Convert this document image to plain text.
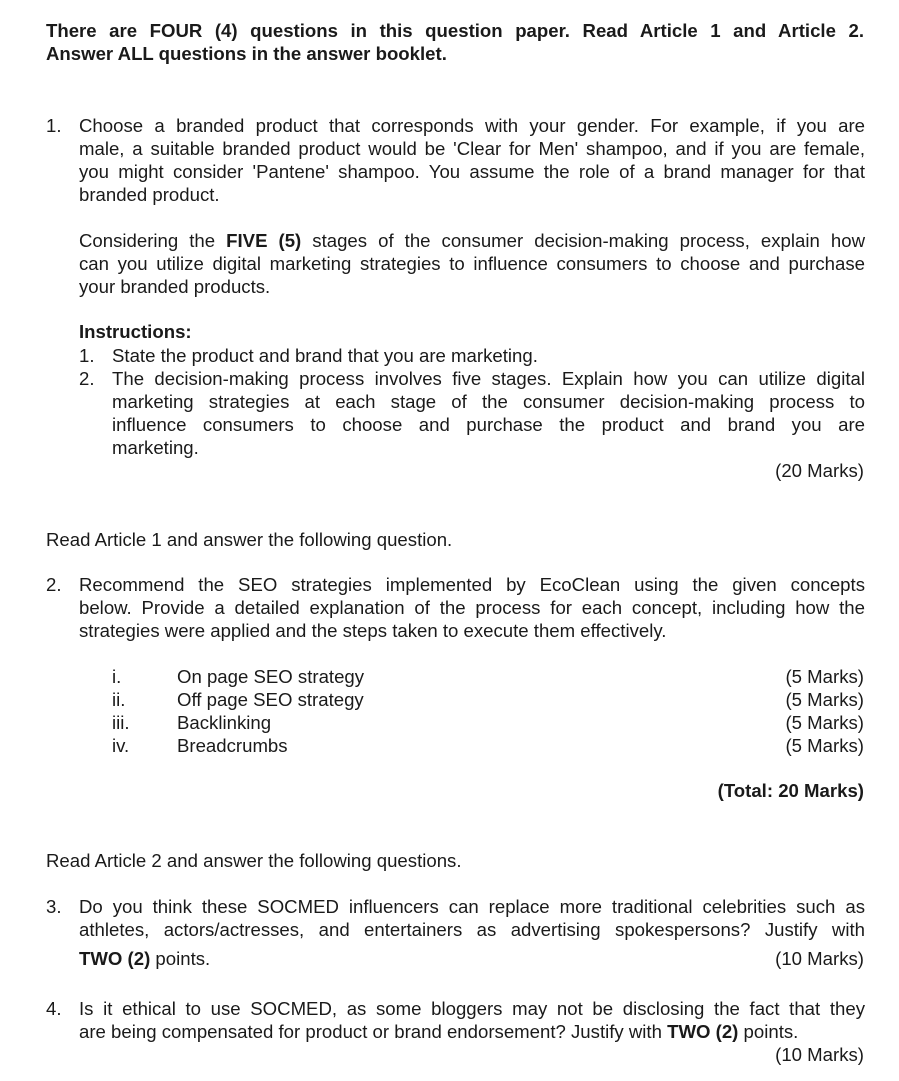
There are FOUR (4) questions in this question paper. Read Article 1 and Article 2.
Answer ALL questions in the answer booklet.
1. Choose a branded product that corresponds with your gender. For example, if you are
male, a suitable branded product would be 'Clear for Men' shampoo, and if you are female,
you might consider 'Pantene' shampoo. You assume the role of a brand manager for that
branded product.
Considering the FIVE (5) stages of the consumer decision-making process, explain how
can you utilize digital marketing strategies to influence consumers to choose and purchase
your branded products.
Instructions:
1. State the product and brand that you are marketing.
2. The decision-making process involves five stages. Explain how you can utilize digital
marketing strategies at each stage of the consumer decision-making process to
influence consumers to choose and purchase the product and brand you are
marketing.
(20 Marks)
Read Article 1 and answer the following question.
2. Recommend the SEO strategies implemented by EcoClean using the given concepts
below. Provide a detailed explanation of the process for each concept, including how the
strategies were applied and the steps taken to execute them effectively.
i.	On page SEO strategy	(5 Marks)
ii.	Off page SEO strategy	(5 Marks)
iii.	Backlinking	(5 Marks)
iv.	Breadcrumbs	(5 Marks)
(Total: 20 Marks)
Read Article 2 and answer the following questions.
3. Do you think these SOCMED influencers can replace more traditional celebrities such as
athletes, actors/actresses, and entertainers as advertising spokespersons? Justify with
TWO (2) points.	(10 Marks)
4. Is it ethical to use SOCMED, as some bloggers may not be disclosing the fact that they
are being compensated for product or brand endorsement? Justify with TWO (2) points.
(10 Marks)
